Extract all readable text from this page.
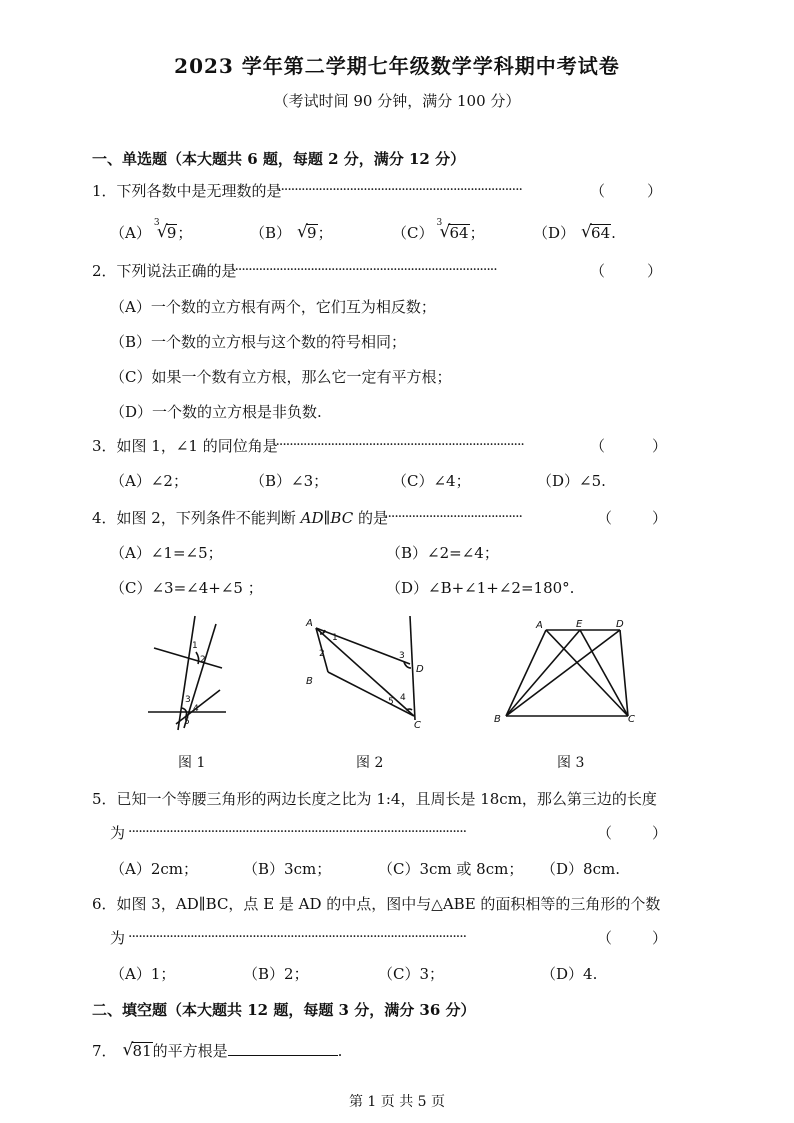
2023 学年第二学期七年级数学学科期中考试卷
（考试时间 90 分钟，满分 100 分）
一、单选题（本大题共 6 题，每题 2 分，满分 12 分）
1．下列各数中是无理数的是
·······································································	（	）
（A）
3
√ 9；	（B） √ 9；	（C）
3
√ 64；	（D） √ 64.
2．下列说法正确的是
·············································································	（	）
（A）一个数的立方根有两个，它们互为相反数；
（B）一个数的立方根与这个数的符号相同；
（C）如果一个数有立方根，那么它一定有平方根；
（D）一个数的立方根是非负数.
3．如图 1，∠1 的同位角是
·········································································	（	）
（A）∠2；	（B）∠3；	（C）∠4；	（D）∠5.
4．如图 2，下列条件不能判断 AD∥BC 的是
········································	（	）
（A）∠1=∠5；	（B）∠2=∠4；
（C）∠3=∠4+∠5 ；	（D）∠B+∠1+∠2=180°.
1
2
3
4
5
图 1
A
B
C
D
1
2	3
4
5
图 2
A	E	D
B	C
图 3
5．已知一个等腰三角形的两边长度之比为 1:4，且周长是 18cm，那么第三边的长度
为 ··································································································	（	）
（A）2cm；	（B）3cm；	（C）3cm 或 8cm； （D）8cm.
6．如图 3，AD∥BC，点 E 是 AD 的中点，图中与△ABE 的面积相等的三角形的个数
为 ··································································································	（	）
（A）1；	（B）2；	（C）3；	（D）4.
二、填空题（本大题共 12 题，每题 3 分，满分 36 分）
7． √ 81的平方根是	.
第 1 页 共 5 页
